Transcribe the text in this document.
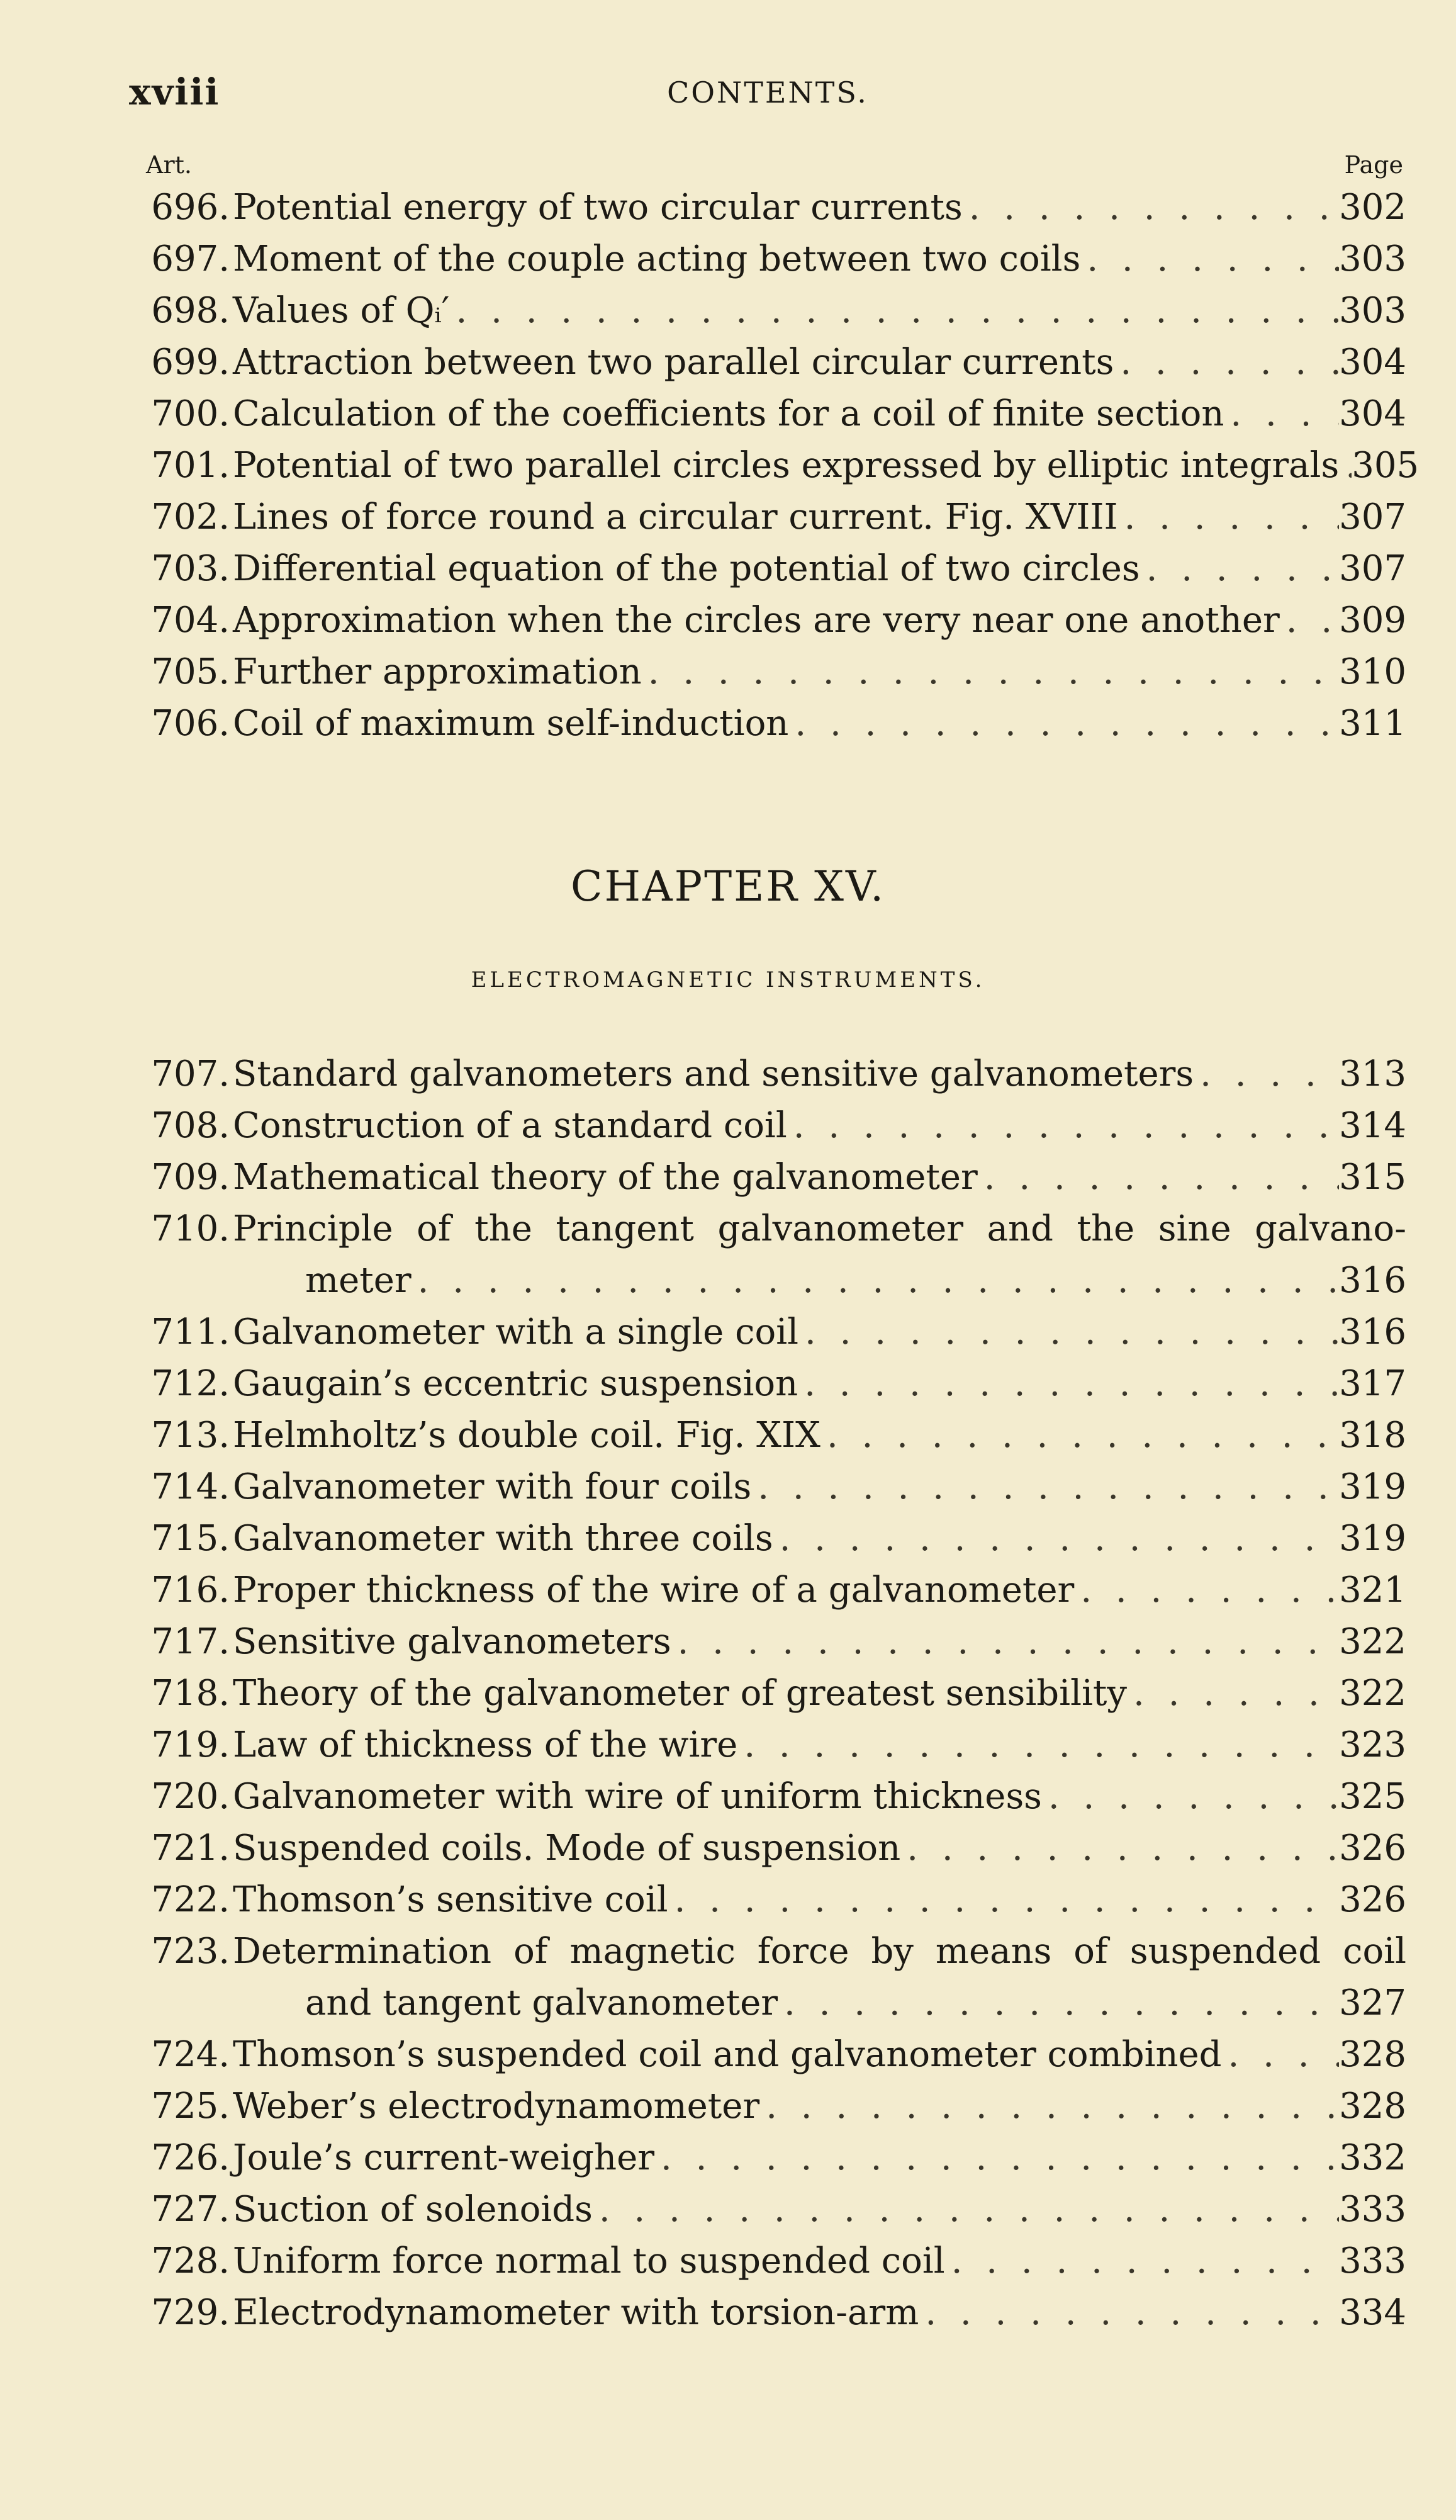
xviii	CONTENTS.
Art.	Page
696. Potential energy of two circular currents . . .	302
697. Moment of the couple acting between two coils . . .	303
698. Values of Qᵢ′ . . .	303
699. Attraction between two parallel circular currents . . .	304
700. Calculation of the coefficients for a coil of finite section . . .	304
701. Potential of two parallel circles expressed by elliptic integrals . . . 305
702. Lines of force round a circular current. Fig. XVIII . . .	307
703. Differential equation of the potential of two circles . . .	307
704. Approximation when the circles are very near one another . . . 309
705. Further approximation . . .	310
706. Coil of maximum self-induction . . .	311
CHAPTER XV.
ELECTROMAGNETIC INSTRUMENTS.
707. Standard galvanometers and sensitive galvanometers . . .	313
708. Construction of a standard coil . . .	314
709. Mathematical theory of the galvanometer . . .	315
710. Principle of the tangent galvanometer and the sine galvano-
meter . . .	316
711. Galvanometer with a single coil . . .	316
712. Gaugain’s eccentric suspension . . .	317
713. Helmholtz’s double coil. Fig. XIX . . .	318
714. Galvanometer with four coils . . .	319
715. Galvanometer with three coils . . .	319
716. Proper thickness of the wire of a galvanometer . . .	321
717. Sensitive galvanometers . . .	322
718. Theory of the galvanometer of greatest sensibility . . .	322
719. Law of thickness of the wire . . .	323
720. Galvanometer with wire of uniform thickness . . .	325
721. Suspended coils. Mode of suspension . . .	326
722. Thomson’s sensitive coil . . .	326
723. Determination of magnetic force by means of suspended coil
and tangent galvanometer . . .	327
724. Thomson’s suspended coil and galvanometer combined . . .	328
725. Weber’s electrodynamometer . . .	328
726. Joule’s current-weigher . . .	332
727. Suction of solenoids . . .	333
728. Uniform force normal to suspended coil . . .	333
729. Electrodynamometer with torsion-arm . . .	334
